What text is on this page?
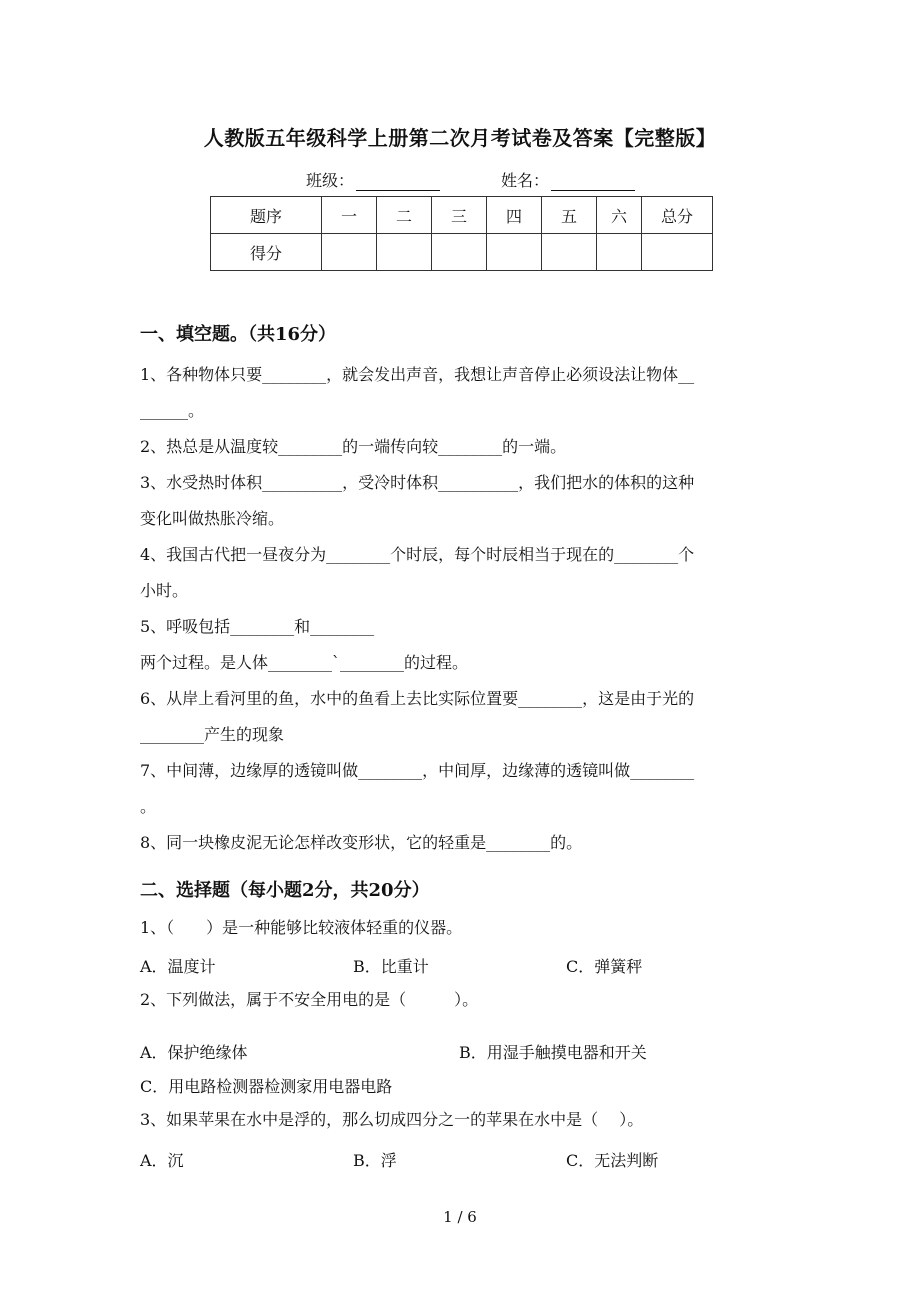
人教版五年级科学上册第二次月考试卷及答案【完整版】
班级：	姓名：
题序	一	二	三	四	五	六	总分
得分							
一、填空题。（共16分）
1、各种物体只要________，就会发出声音，我想让声音停止必须设法让物体__
______。
2、热总是从温度较________的一端传向较________的一端。
3、水受热时体积__________，受冷时体积__________，我们把水的体积的这种
变化叫做热胀冷缩。
4、我国古代把一昼夜分为________个时辰，每个时辰相当于现在的________个
小时。
5、呼吸包括________和________
两个过程。是人体________`________的过程。
6、从岸上看河里的鱼，水中的鱼看上去比实际位置要________，这是由于光的
________产生的现象
7、中间薄，边缘厚的透镜叫做________，中间厚，边缘薄的透镜叫做________
。
8、同一块橡皮泥无论怎样改变形状，它的轻重是________的。
二、选择题（每小题2分，共20分）
1、（　　）是一种能够比较液体轻重的仪器。
A．温度计	B．比重计	C．弹簧秤
2、下列做法，属于不安全用电的是（　　　）。
A．保护绝缘体	B．用湿手触摸电器和开关
C．用电路检测器检测家用电器电路
3、如果苹果在水中是浮的，那么切成四分之一的苹果在水中是（　 ）。
A．沉	B．浮	C．无法判断
1 / 6
